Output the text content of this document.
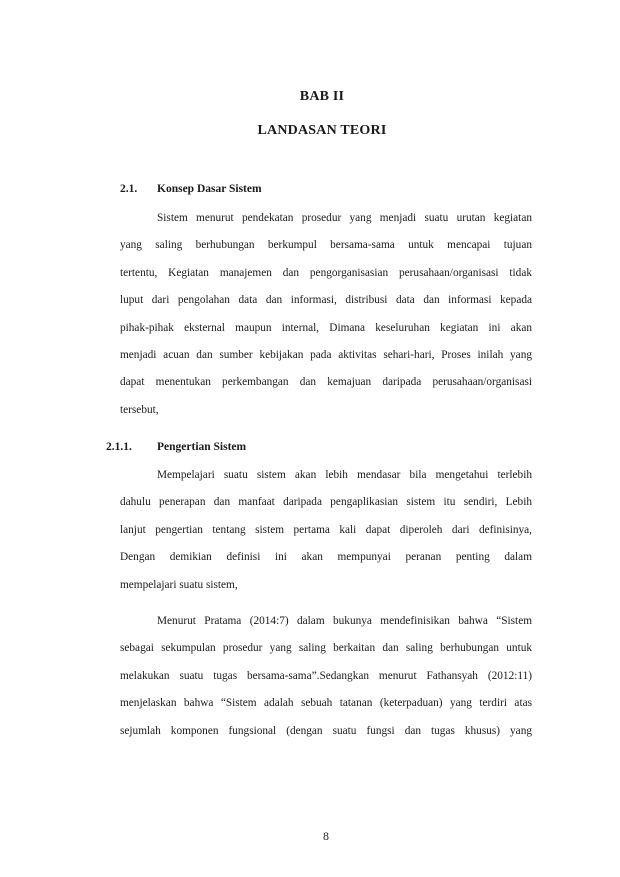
BAB II
LANDASAN TEORI
2.1. Konsep Dasar Sistem
Sistem menurut pendekatan prosedur yang menjadi suatu urutan kegiatan
yang saling berhubungan berkumpul bersama-sama untuk mencapai tujuan
tertentu, Kegiatan manajemen dan pengorganisasian perusahaan/organisasi tidak
luput dari pengolahan data dan informasi, distribusi data dan informasi kepada
pihak-pihak eksternal maupun internal, Dimana keseluruhan kegiatan ini akan
menjadi acuan dan sumber kebijakan pada aktivitas sehari-hari, Proses inilah yang
dapat menentukan perkembangan dan kemajuan daripada perusahaan/organisasi
tersebut,
2.1.1. Pengertian Sistem
Mempelajari suatu sistem akan lebih mendasar bila mengetahui terlebih
dahulu penerapan dan manfaat daripada pengaplikasian sistem itu sendiri, Lebih
lanjut pengertian tentang sistem pertama kali dapat diperoleh dari definisinya,
Dengan demikian definisi ini akan mempunyai peranan penting dalam
mempelajari suatu sistem,
Menurut Pratama (2014:7) dalam bukunya mendefinisikan bahwa “Sistem
sebagai sekumpulan prosedur yang saling berkaitan dan saling berhubungan untuk
melakukan suatu tugas bersama-sama”.Sedangkan menurut Fathansyah (2012:11)
menjelaskan bahwa “Sistem adalah sebuah tatanan (keterpaduan) yang terdiri atas
sejumlah komponen fungsional (dengan suatu fungsi dan tugas khusus) yang
8
